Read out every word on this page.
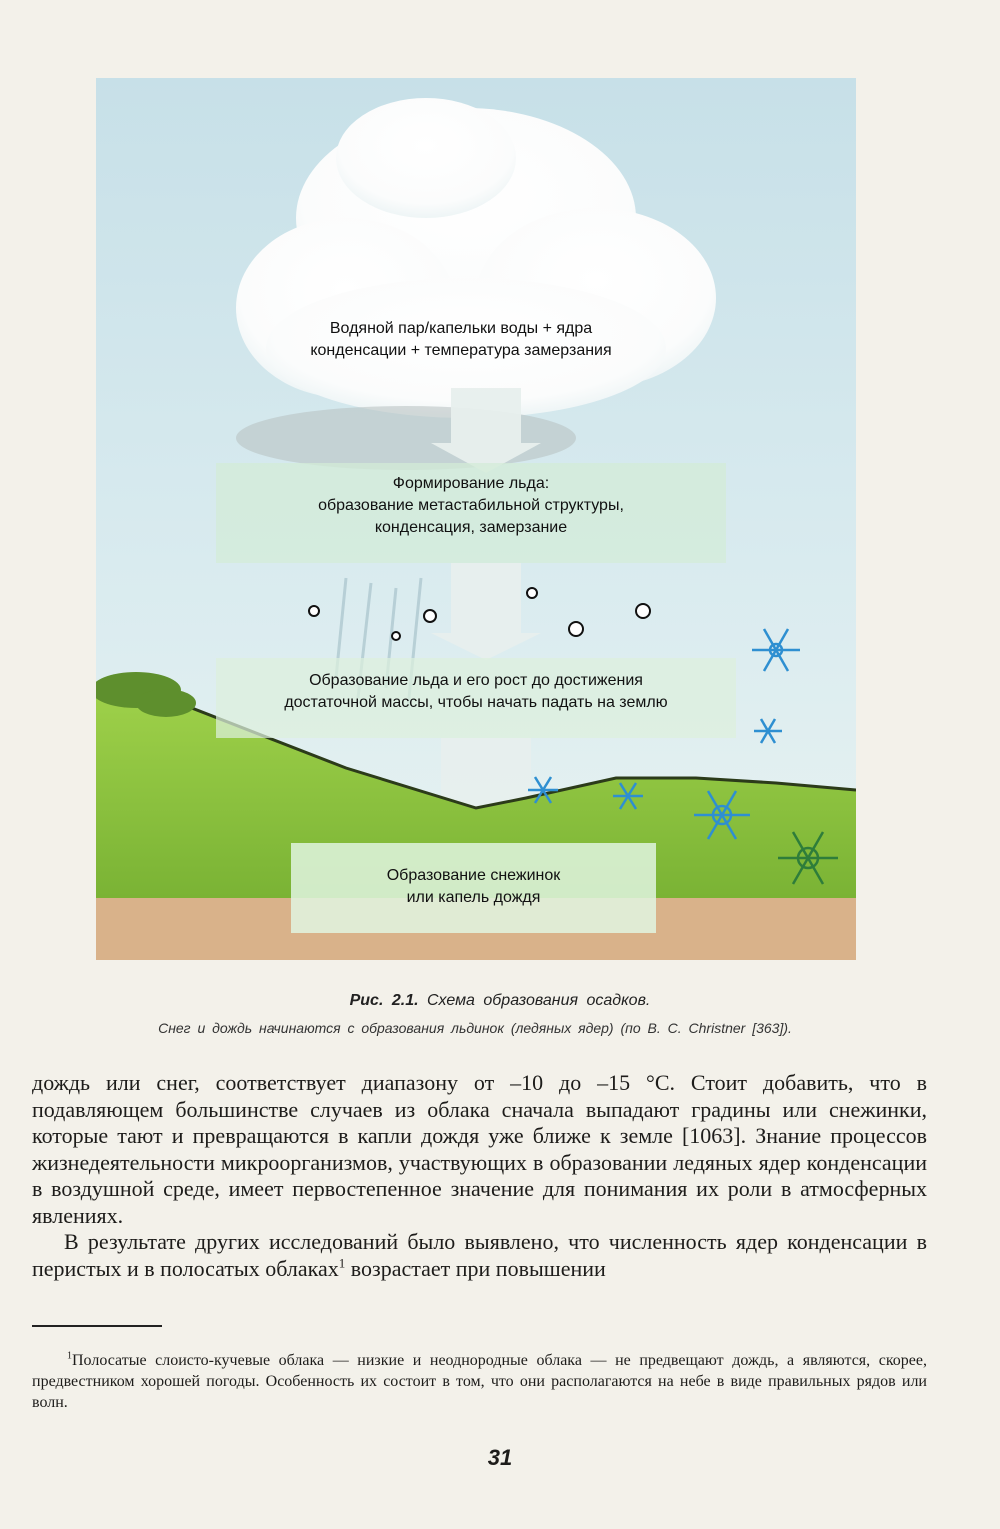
Водяной пар/капельки воды + ядра
конденсации + температура замерзания
Формирование льда:
образование метастабильной структуры,
конденсация, замерзание
Образование льда и его рост до достижения
достаточной массы, чтобы начать падать на землю
Образование снежинок
или капель дождя
Рис. 2.1. Схема образования осадков.
Снег и дождь начинаются с образования льдинок (ледяных ядер) (по B. C. Christner [363]).

дождь или снег, соответствует диапазону от –10 до –15 °С. Стоит добавить, что в подавляющем большинстве случаев из облака сначала выпадают градины или снежинки, которые тают и превращаются в капли дождя уже ближе к земле [1063]. Знание процессов жизнедеятельности микроорганизмов, участвующих в образовании ледяных ядер конденсации в воздушной среде, имеет первостепенное значение для понимания их роли в атмосферных явлениях.

В результате других исследований было выявлено, что численность ядер конденсации в перистых и в полосатых облаках$^1$ возрастает при повышении

$^1$Полосатые слоисто-кучевые облака — низкие и неоднородные облака — не предвещают дождь, а являются, скорее, предвестником хорошей погоды. Особенность их состоит в том, что они располагаются на небе в виде правильных рядов или волн.

31
